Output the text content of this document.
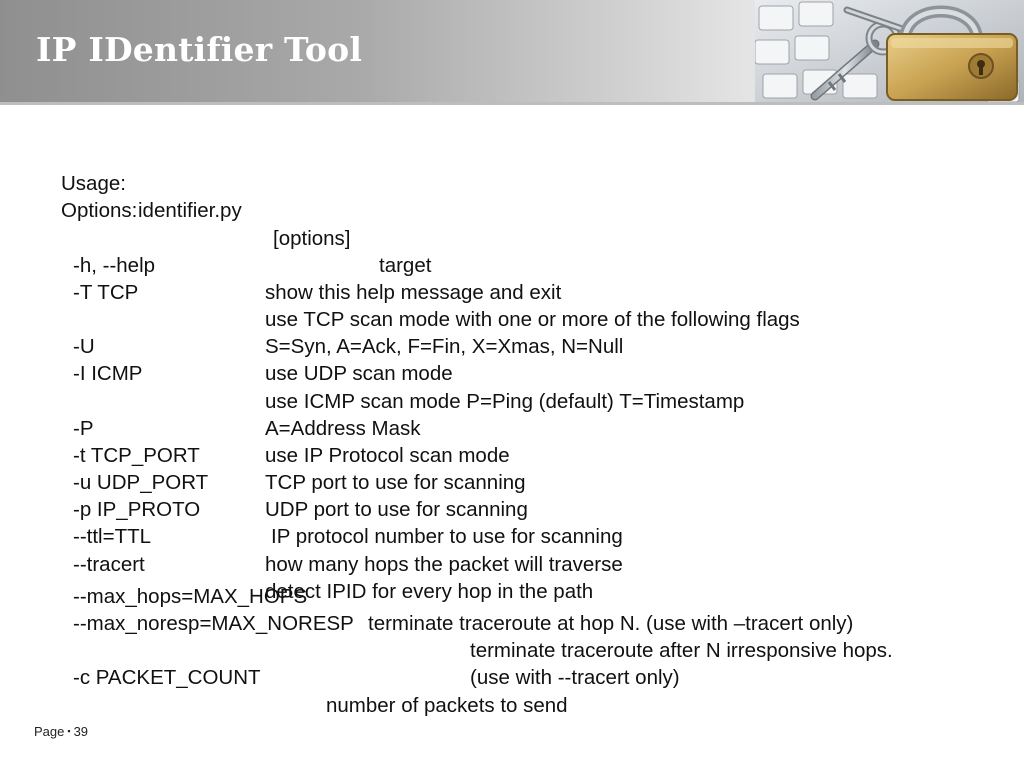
IP IDentifier Tool

Usage:

identifier.py

[options]

target

Options:

-h, --help

show this help message and exit

-T TCP

use TCP scan mode with one or more of the following flags

S=Syn, A=Ack, F=Fin, X=Xmas, N=Null

-U

use UDP scan mode

-I ICMP

use ICMP scan mode P=Ping (default) T=Timestamp

A=Address Mask

-P

use IP Protocol scan mode

-t TCP_PORT

TCP port to use for scanning

-u UDP_PORT

UDP port to use for scanning

-p IP_PROTO

IP protocol number to use for scanning

--ttl=TTL

how many hops the packet will traverse

--tracert

detect IPID for every hop in the path

--max_hops=MAX_HOPS

terminate traceroute at hop N. (use with –tracert only)

--max_noresp=MAX_NORESP

terminate traceroute after N irresponsive hops.

(use with --tracert only)

-c PACKET_COUNT

number of packets to send

Page ▪ 39
